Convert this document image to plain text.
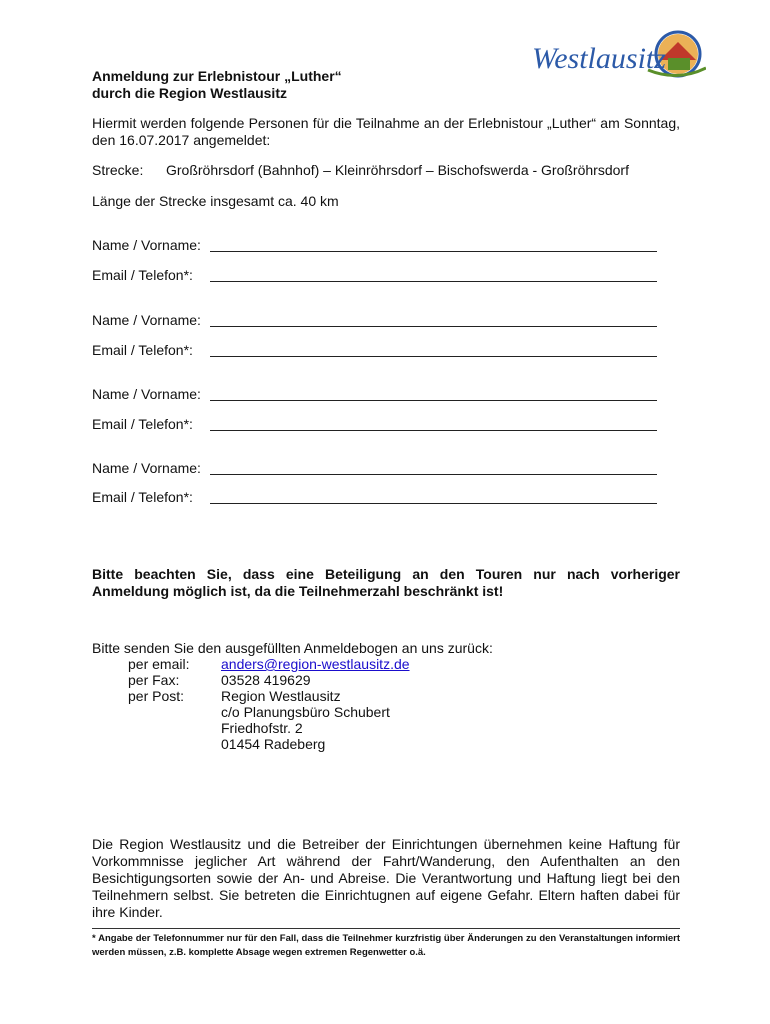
Westlausitz
Anmeldung zur Erlebnistour „Luther“
durch die Region Westlausitz
Hiermit werden folgende Personen für die Teilnahme an der Erlebnistour „Luther“ am Sonntag, den 16.07.2017 angemeldet:
Strecke: Großröhrsdorf (Bahnhof) – Kleinröhrsdorf – Bischofswerda - Großröhrsdorf
Länge der Strecke insgesamt ca. 40 km
Name / Vorname:
Email / Telefon*:
Name / Vorname:
Email / Telefon*:
Name / Vorname:
Email / Telefon*:
Name / Vorname:
Email / Telefon*:
Bitte beachten Sie, dass eine Beteiligung an den Touren nur nach vorheriger Anmeldung möglich ist, da die Teilnehmerzahl beschränkt ist!
Bitte senden Sie den ausgefüllten Anmeldebogen an uns zurück:
per email: anders@region-westlausitz.de
per Fax:	03528 419629
per Post:	Region Westlausitz
c/o Planungsbüro Schubert
Friedhofstr. 2
01454 Radeberg
Die Region Westlausitz und die Betreiber der Einrichtungen übernehmen keine Haftung für Vorkommnisse jeglicher Art während der Fahrt/Wanderung, den Aufenthalten an den Besichtigungsorten sowie der An- und Abreise. Die Verantwortung und Haftung liegt bei den Teilnehmern selbst. Sie betreten die Einrichtugnen auf eigene Gefahr. Eltern haften dabei für ihre Kinder.
* Angabe der Telefonnummer nur für den Fall, dass die Teilnehmer kurzfristig über Änderungen zu den Veranstaltungen informiert werden müssen, z.B. komplette Absage wegen extremen Regenwetter o.ä.
